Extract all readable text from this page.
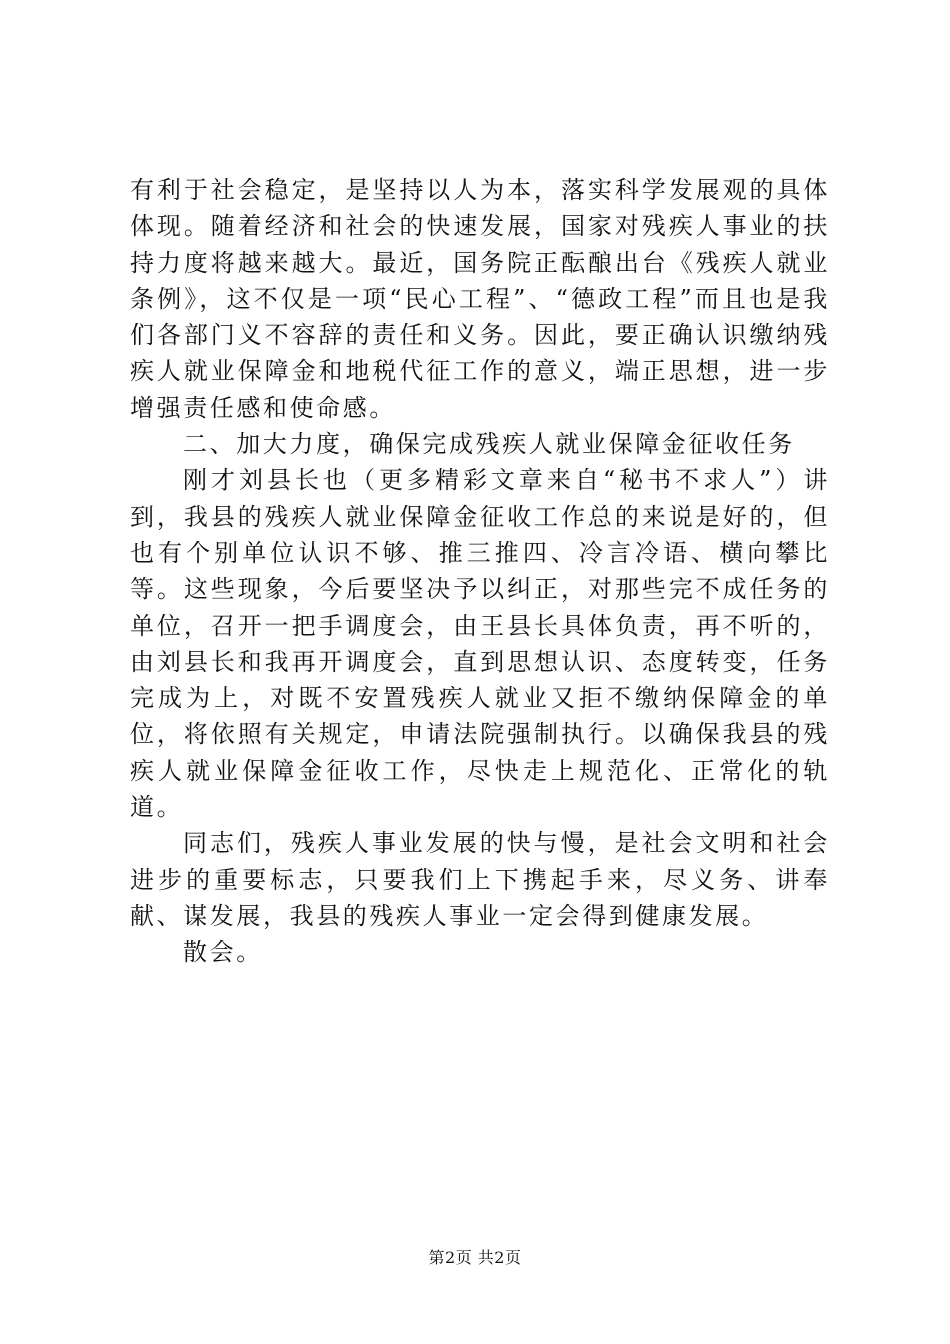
有利于社会稳定，是坚持以人为本，落实科学发展观的具体体现。随着经济和社会的快速发展，国家对残疾人事业的扶持力度将越来越大。最近，国务院正酝酿出台《残疾人就业条例》，这不仅是一项“民心工程”、“德政工程”而且也是我们各部门义不容辞的责任和义务。因此，要正确认识缴纳残疾人就业保障金和地税代征工作的意义，端正思想，进一步增强责任感和使命感。

二、加大力度，确保完成残疾人就业保障金征收任务

刚才刘县长也（更多精彩文章来自“秘书不求人”）讲到，我县的残疾人就业保障金征收工作总的来说是好的，但也有个别单位认识不够、推三推四、冷言冷语、横向攀比等。这些现象，今后要坚决予以纠正，对那些完不成任务的单位，召开一把手调度会，由王县长具体负责，再不听的，由刘县长和我再开调度会，直到思想认识、态度转变，任务完成为上，对既不安置残疾人就业又拒不缴纳保障金的单位，将依照有关规定，申请法院强制执行。以确保我县的残疾人就业保障金征收工作，尽快走上规范化、正常化的轨道。

同志们，残疾人事业发展的快与慢，是社会文明和社会进步的重要标志，只要我们上下携起手来，尽义务、讲奉献、谋发展，我县的残疾人事业一定会得到健康发展。

散会。

第2页 共2页
